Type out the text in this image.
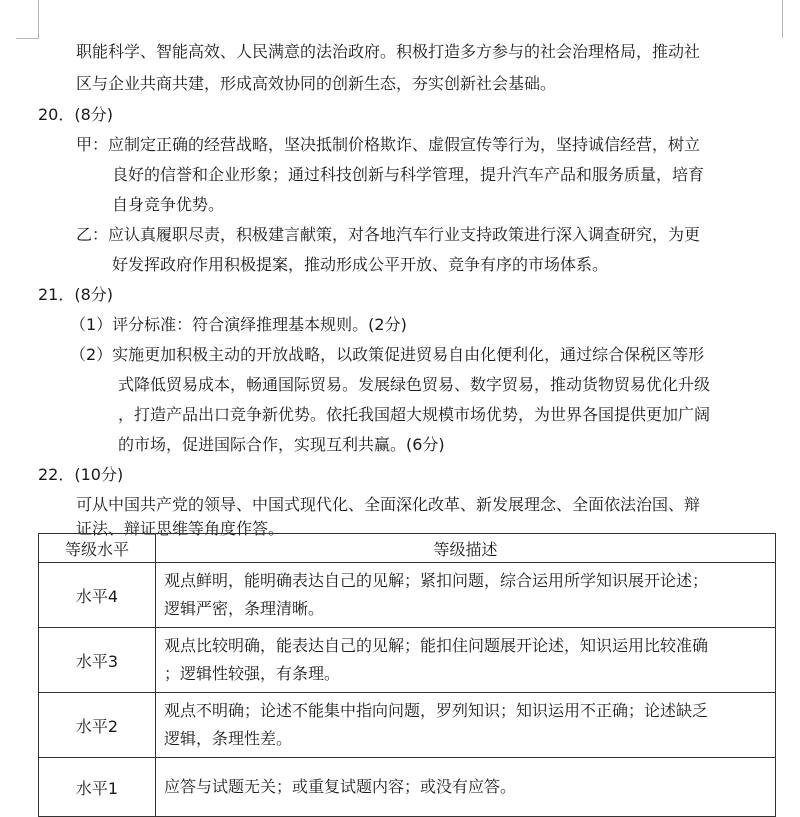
职能科学、智能高效、人民满意的法治政府。积极打造多方参与的社会治理格局，推动社
区与企业共商共建，形成高效协同的创新生态，夯实创新社会基础。
20．(8分)
甲：应制定正确的经营战略，坚决抵制价格欺诈、虚假宣传等行为，坚持诚信经营，树立
良好的信誉和企业形象；通过科技创新与科学管理，提升汽车产品和服务质量，培育
自身竞争优势。
乙：应认真履职尽责，积极建言献策，对各地汽车行业支持政策进行深入调查研究，为更
好发挥政府作用积极提案，推动形成公平开放、竞争有序的市场体系。
21．(8分)
（1）评分标准：符合演绎推理基本规则。(2分)
（2）实施更加积极主动的开放战略，以政策促进贸易自由化便利化，通过综合保税区等形
式降低贸易成本，畅通国际贸易。发展绿色贸易、数字贸易，推动货物贸易优化升级
，打造产品出口竞争新优势。依托我国超大规模市场优势，为世界各国提供更加广阔
的市场，促进国际合作，实现互利共赢。(6分)
22．(10分)
可从中国共产党的领导、中国式现代化、全面深化改革、新发展理念、全面依法治国、辩
证法、辩证思维等角度作答。
等级水平	等级描述
水平4	观点鲜明，能明确表达自己的见解；紧扣问题，综合运用所学知识展开论述；
逻辑严密，条理清晰。

水平3	观点比较明确，能表达自己的见解；能扣住问题展开论述，知识运用比较准确
；逻辑性较强，有条理。

水平2	观点不明确；论述不能集中指向问题，罗列知识；知识运用不正确；论述缺乏
逻辑，条理性差。

水平1	应答与试题无关；或重复试题内容；或没有应答。
